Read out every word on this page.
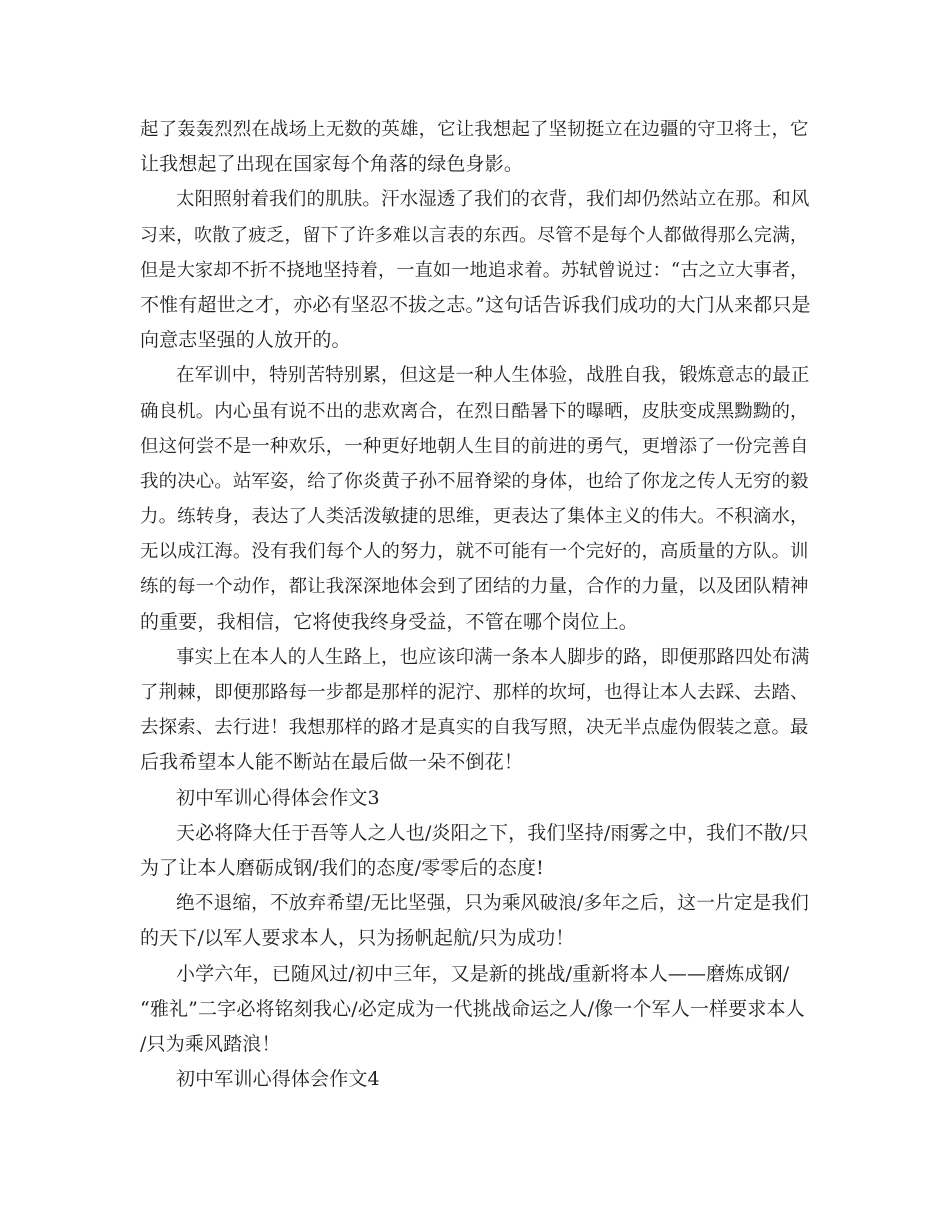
起了轰轰烈烈在战场上无数的英雄，它让我想起了坚韧挺立在边疆的守卫将士，它
让我想起了出现在国家每个角落的绿色身影。
太阳照射着我们的肌肤。汗水湿透了我们的衣背，我们却仍然站立在那。和风
习来，吹散了疲乏，留下了许多难以言表的东西。尽管不是每个人都做得那么完满，
但是大家却不折不挠地坚持着，一直如一地追求着。苏轼曾说过：“古之立大事者，
不惟有超世之才，亦必有坚忍不拔之志。”这句话告诉我们成功的大门从来都只是
向意志坚强的人放开的。
在军训中，特别苦特别累，但这是一种人生体验，战胜自我，锻炼意志的最正
确良机。内心虽有说不出的悲欢离合，在烈日酷暑下的曝晒，皮肤变成黑黝黝的，
但这何尝不是一种欢乐，一种更好地朝人生目的前进的勇气，更增添了一份完善自
我的决心。站军姿，给了你炎黄子孙不屈脊梁的身体，也给了你龙之传人无穷的毅
力。练转身，表达了人类活泼敏捷的思维，更表达了集体主义的伟大。不积滴水，
无以成江海。没有我们每个人的努力，就不可能有一个完好的，高质量的方队。训
练的每一个动作，都让我深深地体会到了团结的力量，合作的力量，以及团队精神
的重要，我相信，它将使我终身受益，不管在哪个岗位上。
事实上在本人的人生路上，也应该印满一条本人脚步的路，即便那路四处布满
了荆棘，即便那路每一步都是那样的泥泞、那样的坎坷，也得让本人去踩、去踏、
去探索、去行进！我想那样的路才是真实的自我写照，决无半点虚伪假装之意。最
后我希望本人能不断站在最后做一朵不倒花！
初中军训心得体会作文3
天必将降大任于吾等人之人也/炎阳之下，我们坚持/雨雾之中，我们不散/只
为了让本人磨砺成钢/我们的态度/零零后的态度!
绝不退缩，不放弃希望/无比坚强，只为乘风破浪/多年之后，这一片定是我们
的天下/以军人要求本人，只为扬帆起航/只为成功！
小学六年，已随风过/初中三年，又是新的挑战/重新将本人——磨炼成钢/
“雅礼”二字必将铭刻我心/必定成为一代挑战命运之人/像一个军人一样要求本人
/只为乘风踏浪！
初中军训心得体会作文4
